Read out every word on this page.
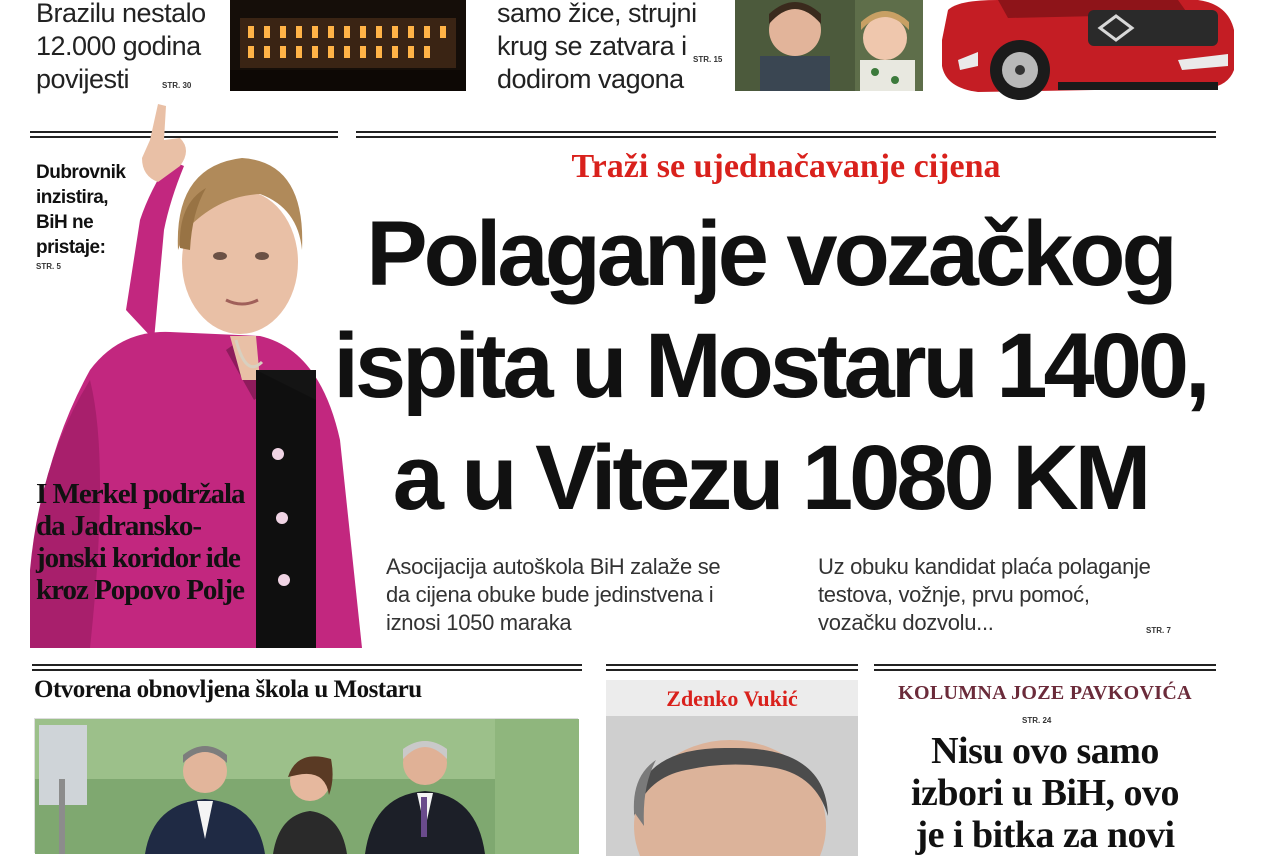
Brazilu nestalo
12.000 godina
povijesti	STR. 30
samo žice, strujni
krug se zatvara i
dodirom vagona
STR. 15
Dubrovnik
inzistira,
BiH ne
pristaje:
STR. 5
I Merkel podržala
da Jadransko-
jonski koridor ide
kroz Popovo Polje
Traži se ujednačavanje cijena
Polaganje vozačkog
ispita u Mostaru 1400,
a u Vitezu 1080 KM
Asocijacija autoškola BiH zalaže se
da cijena obuke bude jedinstvena i
iznosi 1050 maraka
Uz obuku kandidat plaća polaganje
testova, vožnje, prvu pomoć,
vozačku dozvolu...	STR. 7
Otvorena obnovljena škola u Mostaru	Zdenko Vukić	KOLUMNA JOZE PAVKOVIĆA
STR. 24
Nisu ovo samo
izbori u BiH, ovo
je i bitka za novi
